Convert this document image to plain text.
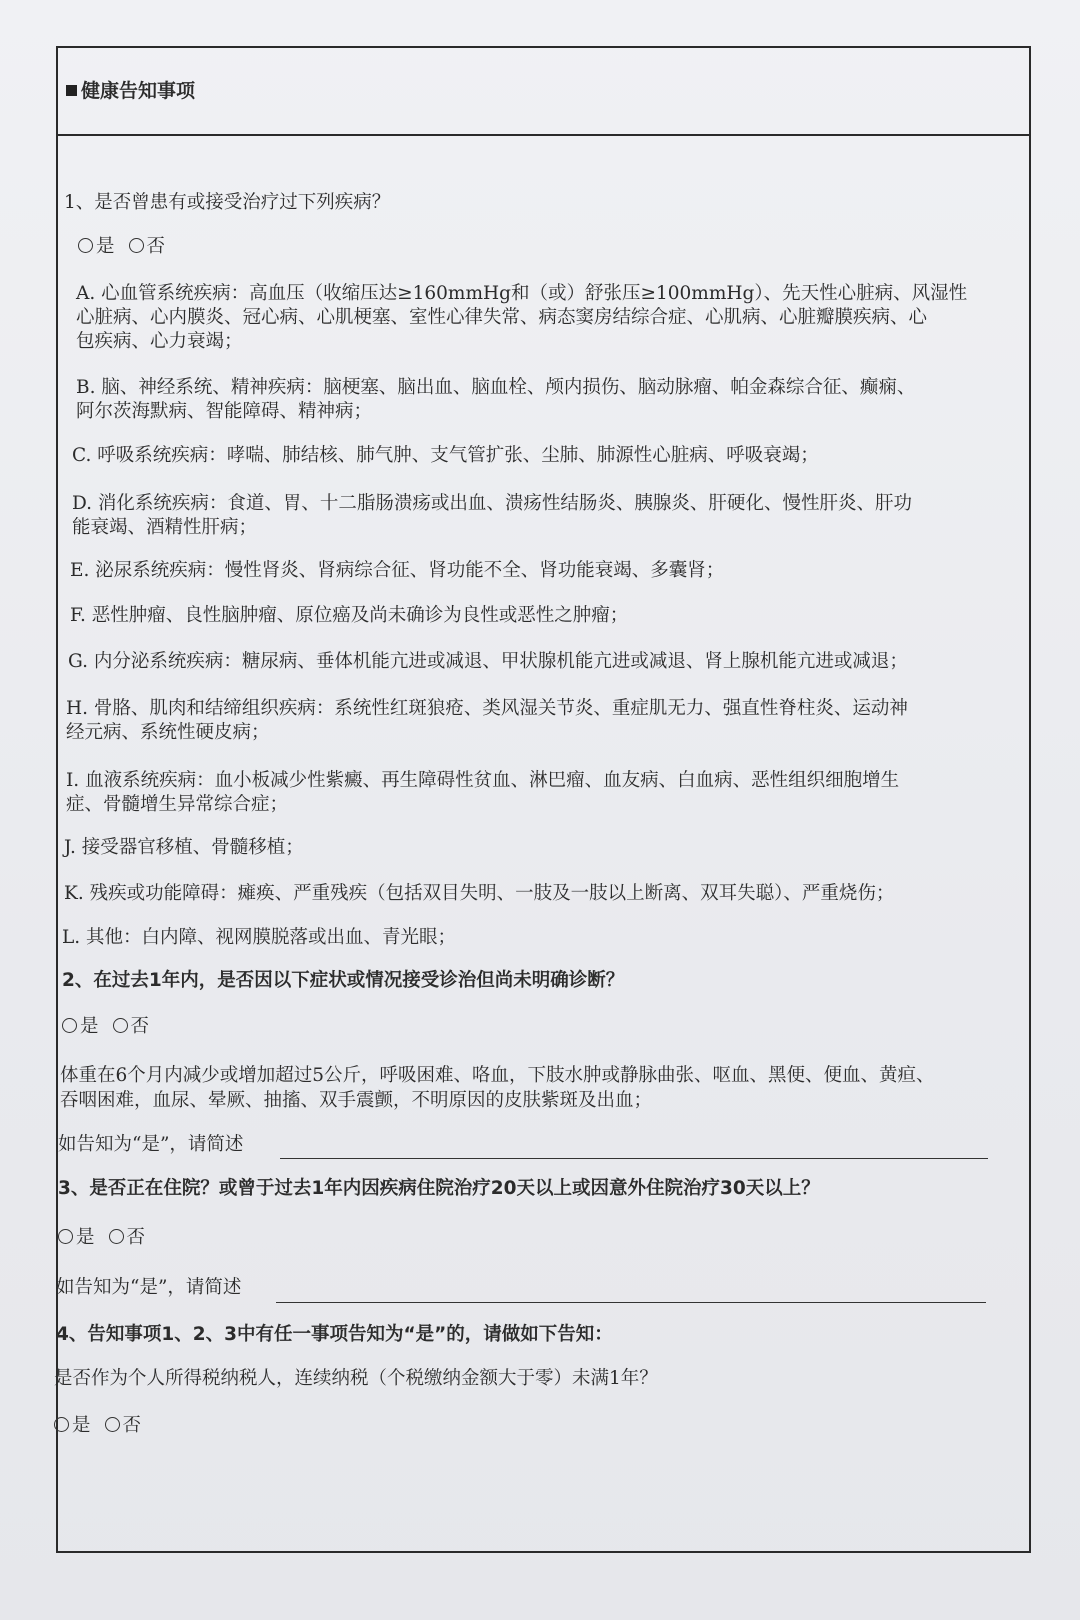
健康告知事项
1、是否曾患有或接受治疗过下列疾病？
是 否
A. 心血管系统疾病：高血压（收缩压达≥160mmHg和（或）舒张压≥100mmHg）、先天性心脏病、风湿性
心脏病、心内膜炎、冠心病、心肌梗塞、室性心律失常、病态窦房结综合症、心肌病、心脏瓣膜疾病、心
包疾病、心力衰竭；
B. 脑、神经系统、精神疾病：脑梗塞、脑出血、脑血栓、颅内损伤、脑动脉瘤、帕金森综合征、癫痫、
阿尔茨海默病、智能障碍、精神病；
C. 呼吸系统疾病：哮喘、肺结核、肺气肿、支气管扩张、尘肺、肺源性心脏病、呼吸衰竭；
D. 消化系统疾病：食道、胃、十二脂肠溃疡或出血、溃疡性结肠炎、胰腺炎、肝硬化、慢性肝炎、肝功
能衰竭、酒精性肝病；
E. 泌尿系统疾病：慢性肾炎、肾病综合征、肾功能不全、肾功能衰竭、多囊肾；
F. 恶性肿瘤、良性脑肿瘤、原位癌及尚未确诊为良性或恶性之肿瘤；
G. 内分泌系统疾病：糖尿病、垂体机能亢进或减退、甲状腺机能亢进或减退、肾上腺机能亢进或减退；
H. 骨胳、肌肉和结缔组织疾病：系统性红斑狼疮、类风湿关节炎、重症肌无力、强直性脊柱炎、运动神
经元病、系统性硬皮病；
I. 血液系统疾病：血小板减少性紫癜、再生障碍性贫血、淋巴瘤、血友病、白血病、恶性组织细胞增生
症、骨髓增生异常综合症；
J. 接受器官移植、骨髓移植；
K. 残疾或功能障碍：瘫痪、严重残疾（包括双目失明、一肢及一肢以上断离、双耳失聪）、严重烧伤；
L. 其他：白内障、视网膜脱落或出血、青光眼；
2、在过去1年内，是否因以下症状或情况接受诊治但尚未明确诊断？
是 否
体重在6个月内减少或增加超过5公斤，呼吸困难、咯血，下肢水肿或静脉曲张、呕血、黑便、便血、黄疸、
吞咽困难，血尿、晕厥、抽搐、双手震颤，不明原因的皮肤紫斑及出血；
如告知为“是”，请简述
3、是否正在住院？或曾于过去1年内因疾病住院治疗20天以上或因意外住院治疗30天以上？
是 否
如告知为“是”，请简述
4、告知事项1、2、3中有任一事项告知为“是”的，请做如下告知：
是否作为个人所得税纳税人，连续纳税（个税缴纳金额大于零）未满1年？
是 否
